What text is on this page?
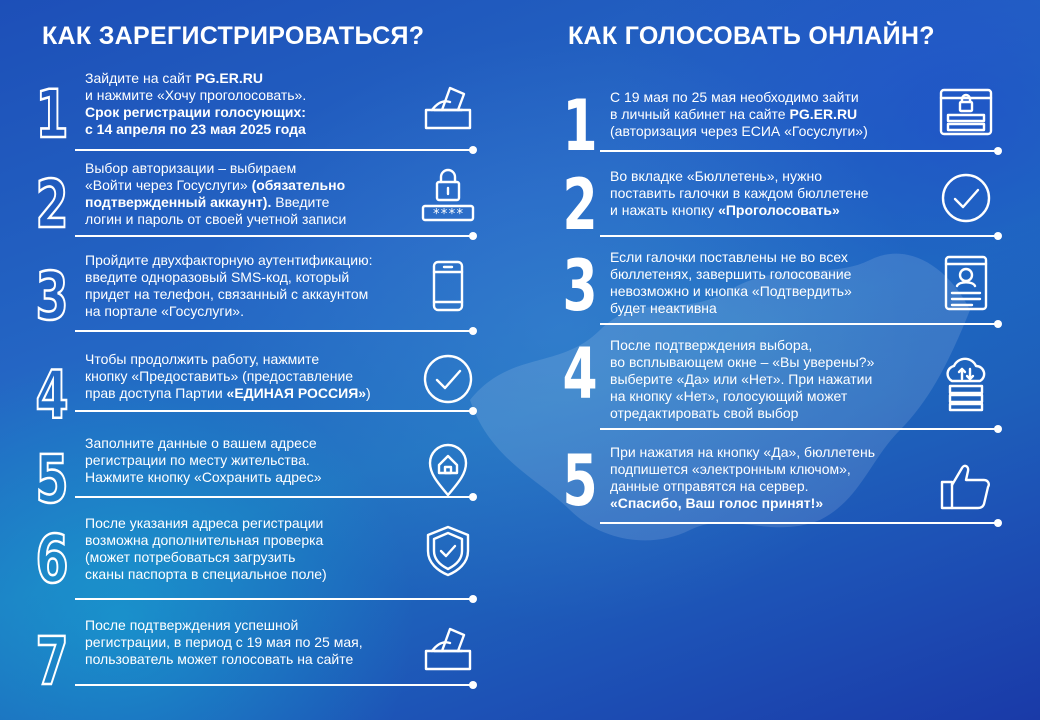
КАК ЗАРЕГИСТРИРОВАТЬСЯ?
1	Зайдите на сайт PG.ER.RU
и нажмите «Хочу проголосовать».
Срок регистрации голосующих:
с 14 апреля по 23 мая 2025 года
2	Выбор авторизации – выбираем
«Войти через Госуслуги» (обязательно
подтвержденный аккаунт). Введите
логин и пароль от своей учетной записи	****
3	Пройдите двухфакторную аутентификацию:
введите одноразовый SMS-код, который
придет на телефон, связанный с аккаунтом
на портале «Госуслуги».
4	Чтобы продолжить работу, нажмите
кнопку «Предоставить» (предоставление
прав доступа Партии «ЕДИНАЯ РОССИЯ»)
5	Заполните данные о вашем адресе
регистрации по месту жительства.
Нажмите кнопку «Сохранить адрес»
6	После указания адреса регистрации
возможна дополнительная проверка
(может потребоваться загрузить
сканы паспорта в специальное поле)
7	После подтверждения успешной
регистрации, в период с 19 мая по 25 мая,
пользователь может голосовать на сайте
КАК ГОЛОСОВАТЬ ОНЛАЙН?
1 С 19 мая по 25 мая необходимо зайти
в личный кабинет на сайте PG.ER.RU
(авторизация через ЕСИА «Госуслуги»)
2 Во вкладке «Бюллетень», нужно
поставить галочки в каждом бюллетене
и нажать кнопку «Проголосовать»
3 Если галочки поставлены не во всех
бюллетенях, завершить голосование
невозможно и кнопка «Подтвердить»
будет неактивна
4 После подтверждения выбора,
во всплывающем окне – «Вы уверены?»
выберите «Да» или «Нет». При нажатии
на кнопку «Нет», голосующий может
отредактировать свой выбор
5 При нажатия на кнопку «Да», бюллетень
подпишется «электронным ключом»,
данные отправятся на сервер.
«Спасибо, Ваш голос принят!»
